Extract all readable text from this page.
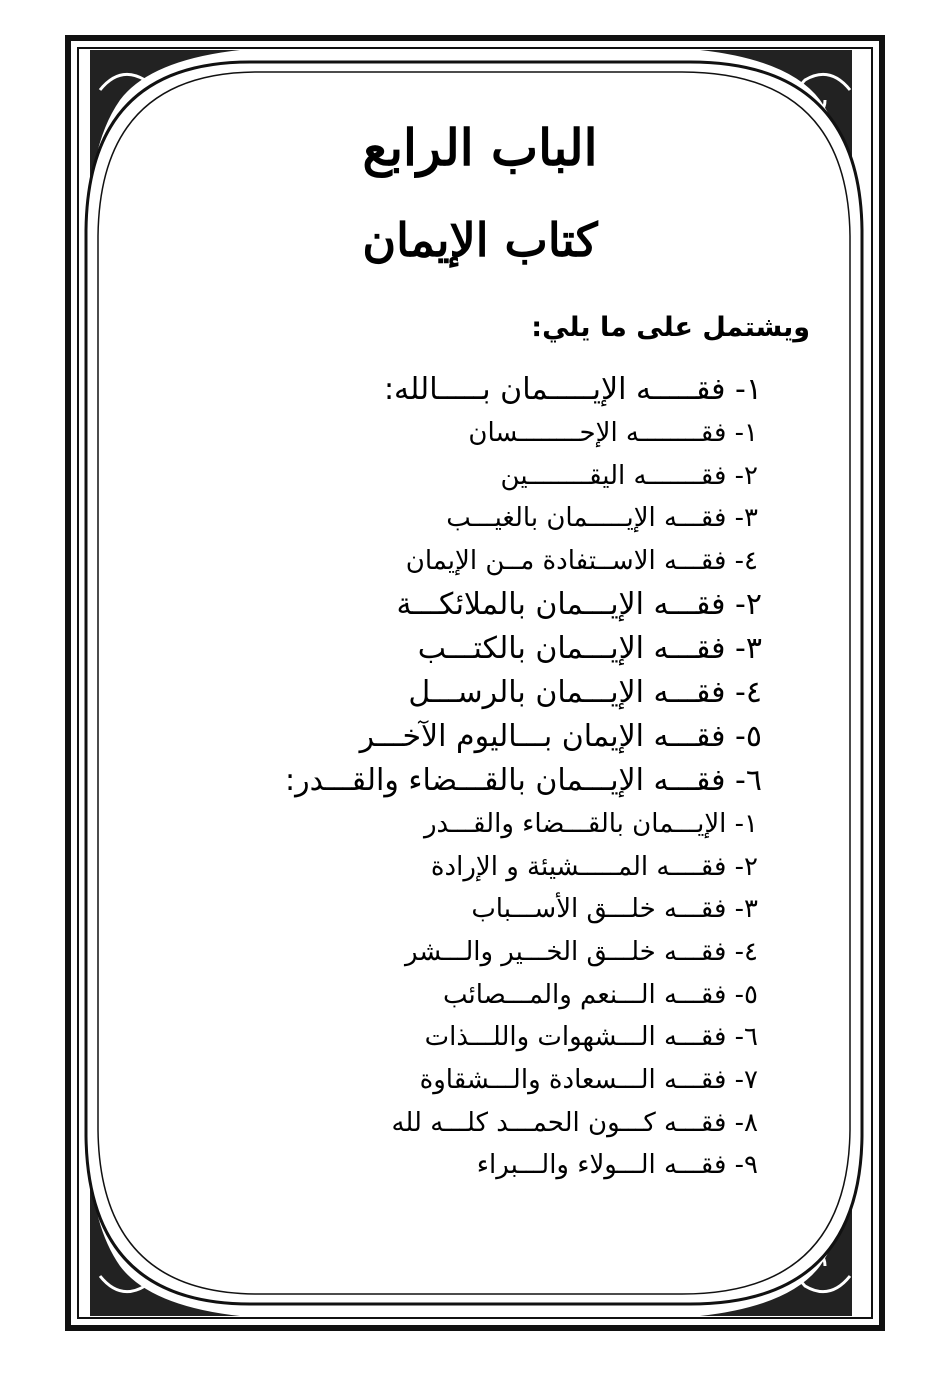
الباب الرابع
كتاب الإيمان
ويشتمل على ما يلي:
١- فقـــــه الإيـــــمان بـــــالله:
١- فقــــــــه الإحــــــــسان
٢- فقـــــــه اليقــــــــين
٣- فقـــه الإيـــــمان بالغيـــب
٤- فقـــه الاســتفادة مــن الإيمان
٢- فقـــه الإيـــمان بالملائكـــة
٣- فقـــه الإيـــمان بالكتـــب
٤- فقـــه الإيـــمان بالرســـل
٥- فقـــه الإيمان بـــاليوم الآخـــر
٦- فقـــه الإيـــمان بالقـــضاء والقـــدر:
١- الإيـــمان بالقـــضاء والقـــدر
٢- فقــــه المـــــشيئة و الإرادة
٣- فقـــه خلـــق الأســـباب
٤- فقـــه خلـــق الخـــير والـــشر
٥- فقـــه الـــنعم والمـــصائب
٦- فقـــه الـــشهوات واللـــذات
٧- فقـــه الـــسعادة والـــشقاوة
٨- فقـــه كـــون الحمـــد كلـــه لله
٩- فقـــه الـــولاء والـــبراء
